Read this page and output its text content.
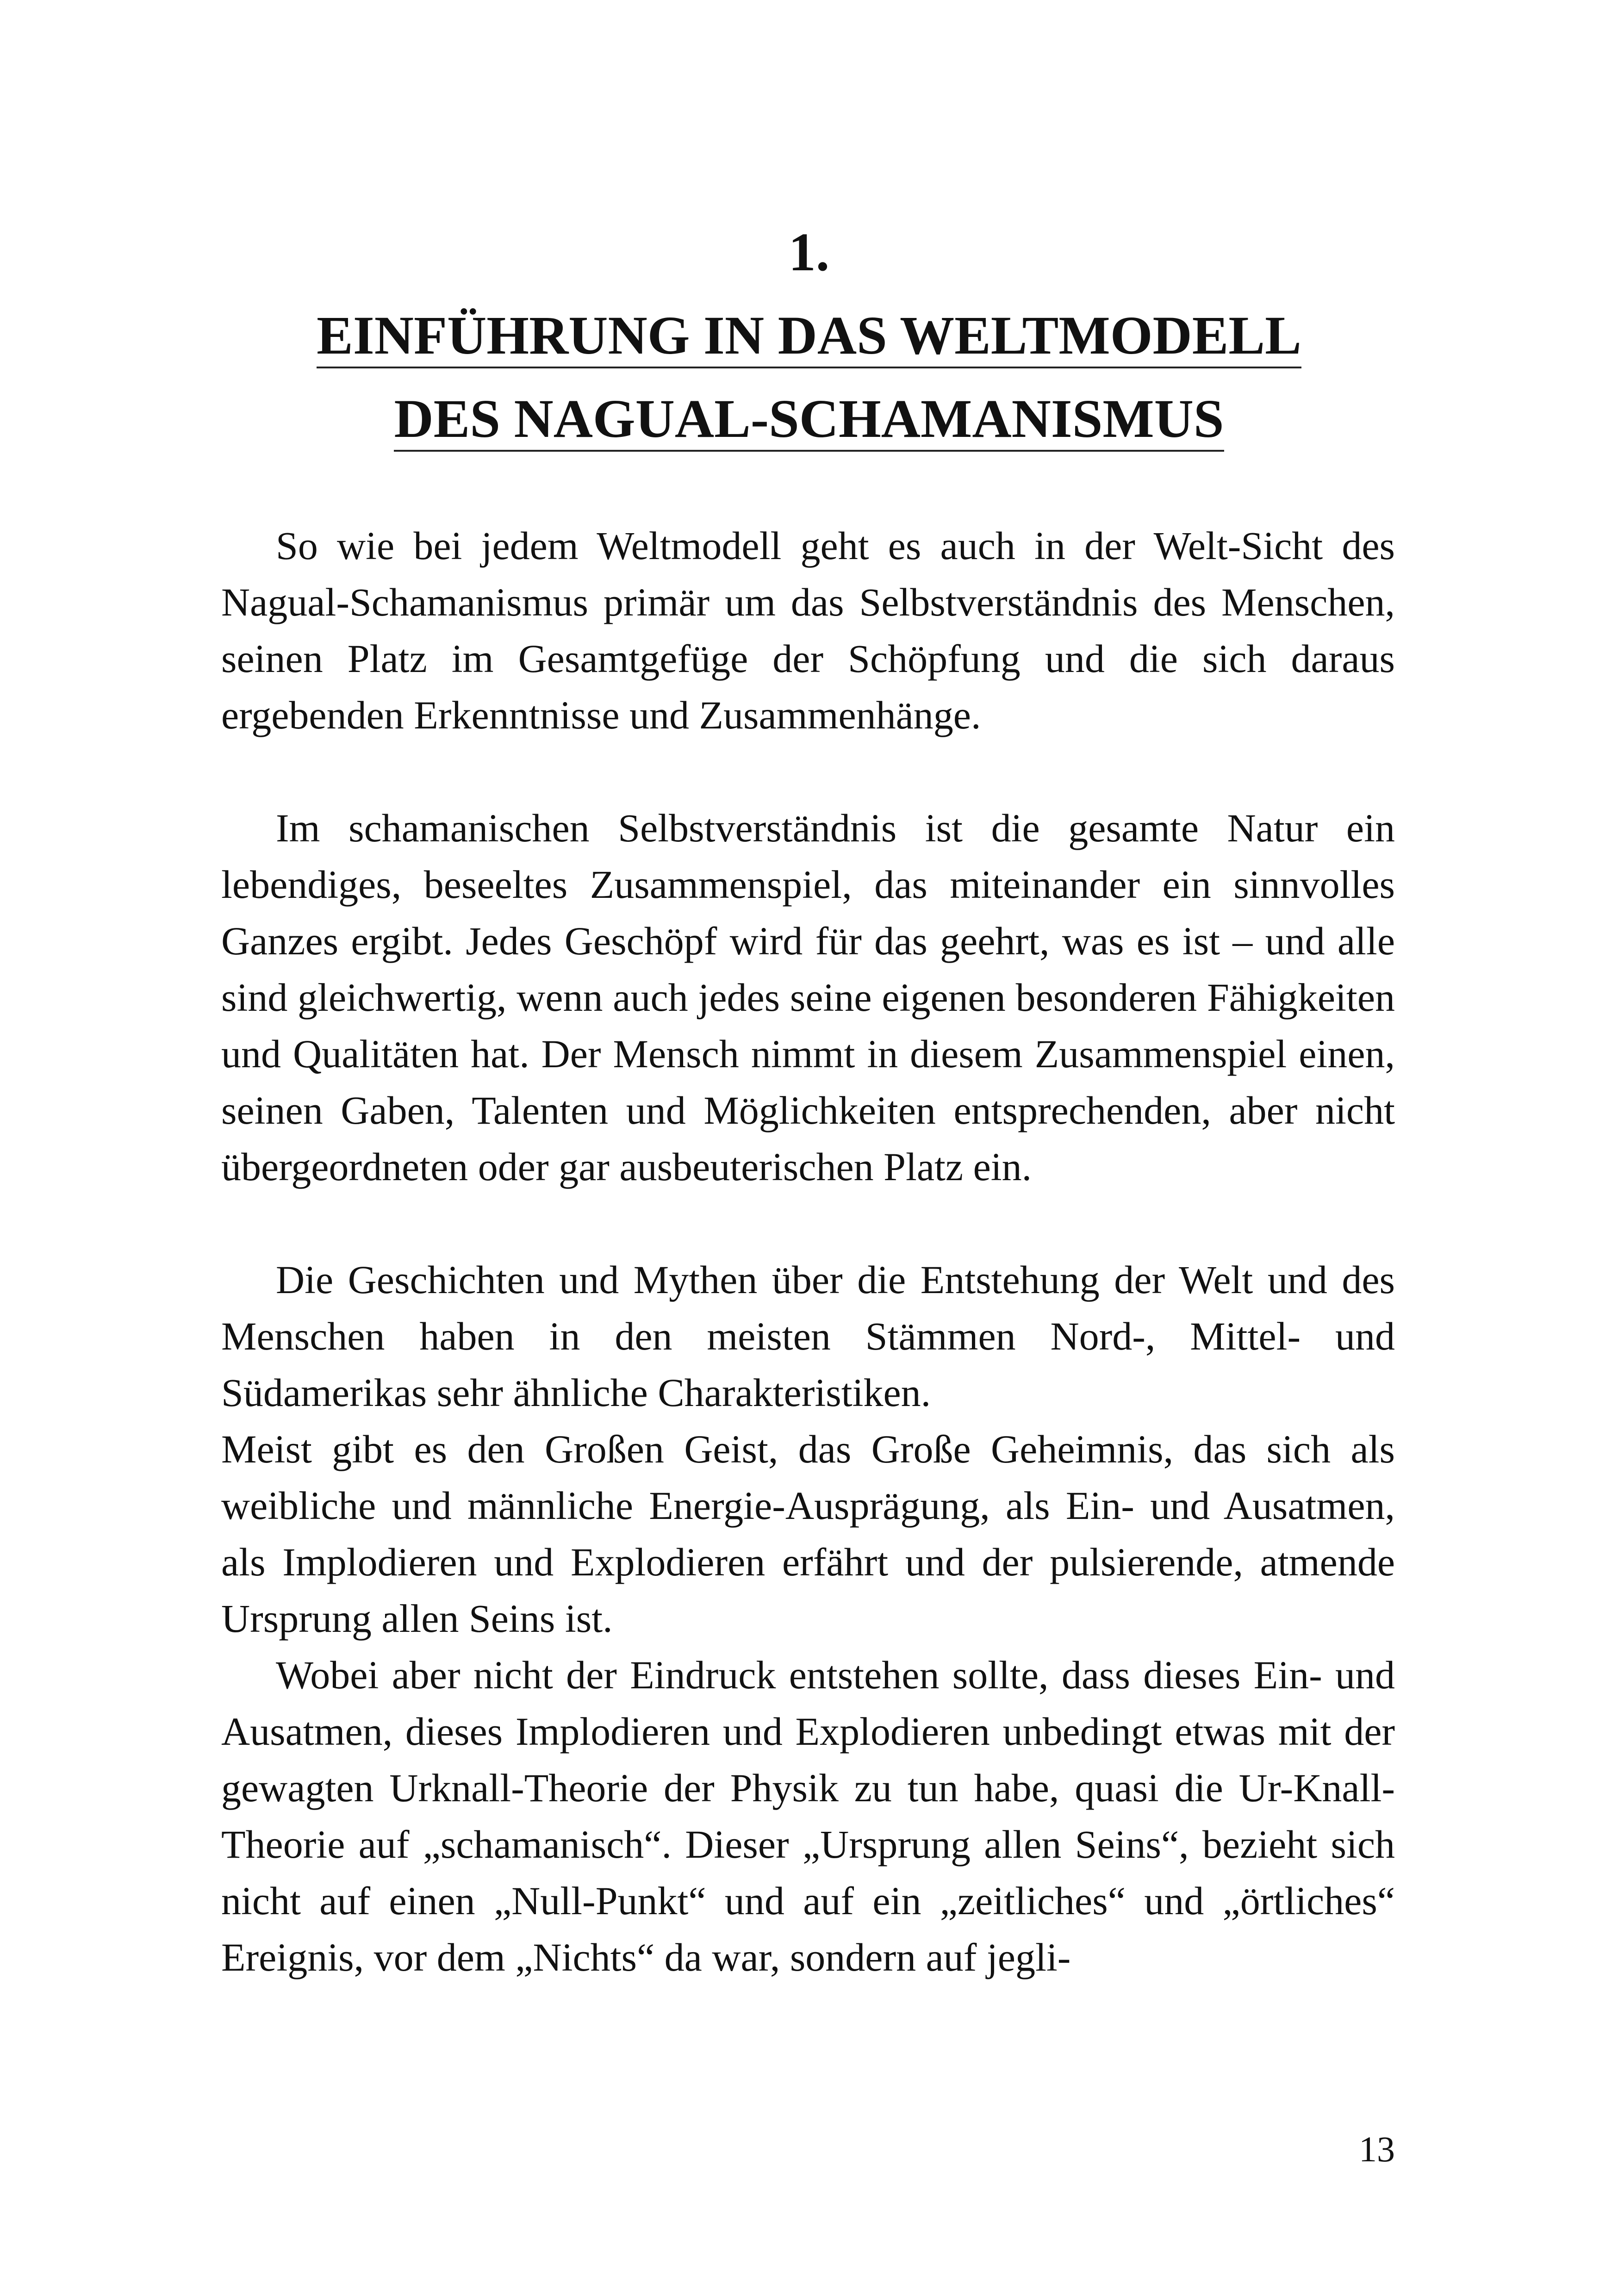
1.
EINFÜHRUNG IN DAS WELTMODELL
DES NAGUAL-SCHAMANISMUS

So wie bei jedem Weltmodell geht es auch in der Welt-Sicht des Nagual-Schamanismus primär um das Selbstverständnis des Menschen, seinen Platz im Gesamtgefüge der Schöpfung und die sich daraus ergebenden Erkenntnisse und Zusammenhänge.

Im schamanischen Selbstverständnis ist die gesamte Natur ein lebendiges, beseeltes Zusammenspiel, das miteinander ein sinnvolles Ganzes ergibt. Jedes Geschöpf wird für das geehrt, was es ist – und alle sind gleichwertig, wenn auch jedes seine eigenen besonderen Fähigkeiten und Qualitäten hat. Der Mensch nimmt in diesem Zusammenspiel einen, seinen Gaben, Talenten und Möglichkeiten entsprechenden, aber nicht übergeordneten oder gar ausbeuterischen Platz ein.

Die Geschichten und Mythen über die Entstehung der Welt und des Menschen haben in den meisten Stämmen Nord-, Mittel- und Südamerikas sehr ähnliche Charakteristiken.

Meist gibt es den Großen Geist, das Große Geheimnis, das sich als weibliche und männliche Energie-Ausprägung, als Ein- und Ausatmen, als Implodieren und Explodieren erfährt und der pulsierende, atmende Ursprung allen Seins ist.

Wobei aber nicht der Eindruck entstehen sollte, dass dieses Ein- und Ausatmen, dieses Implodieren und Explodieren unbedingt etwas mit der gewagten Urknall-Theorie der Physik zu tun habe, quasi die Ur-Knall-Theorie auf „schamanisch“. Dieser „Ursprung allen Seins“, bezieht sich nicht auf einen „Null-Punkt“ und auf ein „zeitliches“ und „örtliches“ Ereignis, vor dem „Nichts“ da war, sondern auf jegli-

13
